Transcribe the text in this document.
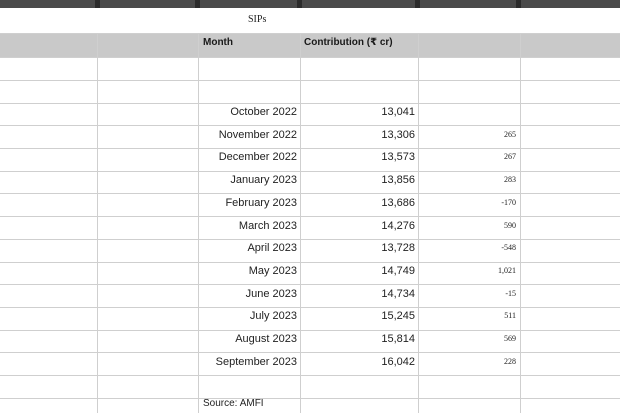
SIPs
Month	Contribution (₹ cr)
October 2022	13,041
November 2022	13,306	265
December 2022	13,573	267
January 2023	13,856	283
February 2023	13,686	-170
March 2023	14,276	590
April 2023	13,728	-548
May 2023	14,749	1,021
June 2023	14,734	-15
July 2023	15,245	511
August 2023	15,814	569
September 2023	16,042	228
Source: AMFI
